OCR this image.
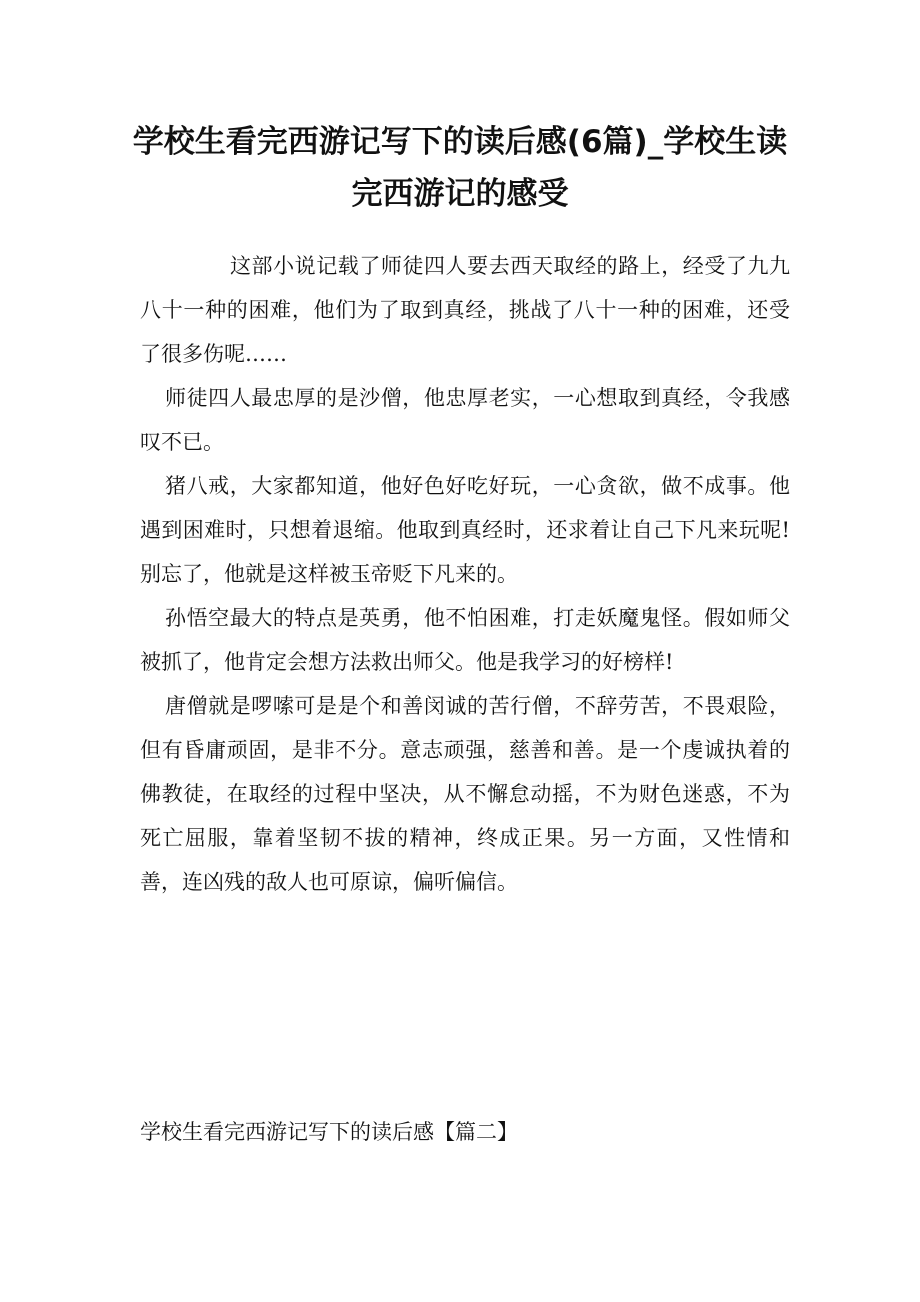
学校生看完西游记写下的读后感(6篇)_学校生读完西游记的感受

这部小说记载了师徒四人要去西天取经的路上，经受了九九八十一种的困难，他们为了取到真经，挑战了八十一种的困难，还受了很多伤呢……

师徒四人最忠厚的是沙僧，他忠厚老实，一心想取到真经，令我感叹不已。

猪八戒，大家都知道，他好色好吃好玩，一心贪欲，做不成事。他遇到困难时，只想着退缩。他取到真经时，还求着让自己下凡来玩呢!别忘了，他就是这样被玉帝贬下凡来的。

孙悟空最大的特点是英勇，他不怕困难，打走妖魔鬼怪。假如师父被抓了，他肯定会想方法救出师父。他是我学习的好榜样!

唐僧就是啰嗦可是是个和善闵诚的苦行僧，不辞劳苦，不畏艰险，但有昏庸顽固，是非不分。意志顽强，慈善和善。是一个虔诚执着的佛教徒，在取经的过程中坚决，从不懈怠动摇，不为财色迷惑，不为死亡屈服，靠着坚韧不拔的精神，终成正果。另一方面，又性情和善，连凶残的敌人也可原谅，偏听偏信。

学校生看完西游记写下的读后感【篇二】
